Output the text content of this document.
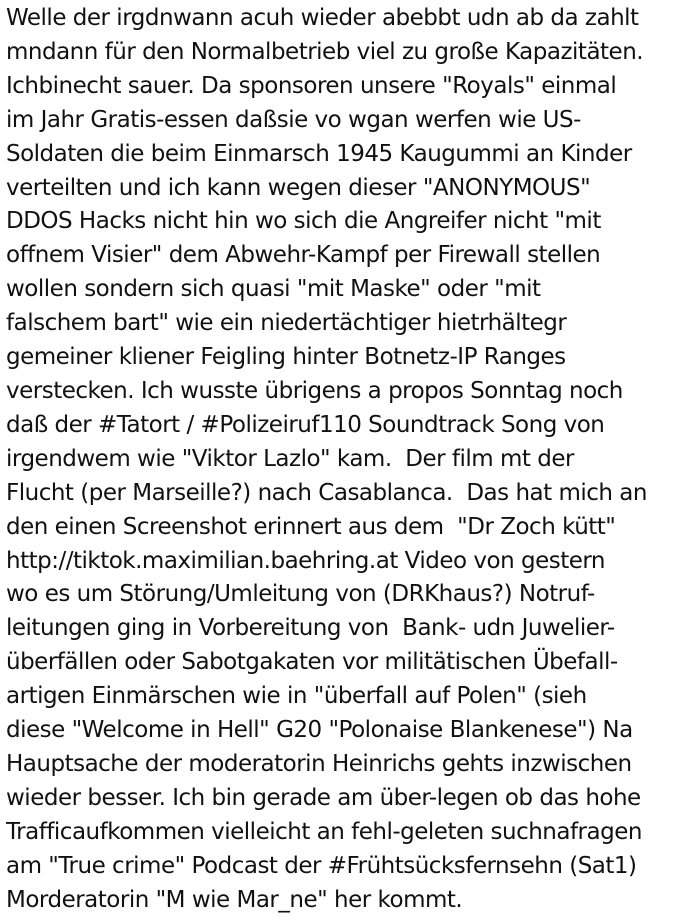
Welle der irgdnwann acuh wieder abebbt udn ab da zahlt
mndann für den Normalbetrieb viel zu große Kapazitäten.
Ichbinecht sauer. Da sponsoren unsere "Royals" einmal
im Jahr Gratis-essen daßsie vo wgan werfen wie US-
Soldaten die beim Einmarsch 1945 Kaugummi an Kinder
verteilten und ich kann wegen dieser "ANONYMOUS"
DDOS Hacks nicht hin wo sich die Angreifer nicht "mit
offnem Visier" dem Abwehr-Kampf per Firewall stellen
wollen sondern sich quasi "mit Maske" oder "mit
falschem bart" wie ein niedertächtiger hietrhältegr
gemeiner kliener Feigling hinter Botnetz-IP Ranges
verstecken. Ich wusste übrigens a propos Sonntag noch
daß der #Tatort / #Polizeiruf110 Soundtrack Song von
irgendwem wie "Viktor Lazlo" kam.  Der film mt der
Flucht (per Marseille?) nach Casablanca.  Das hat mich an
den einen Screenshot erinnert aus dem  "Dr Zoch kütt"
http://tiktok.maximilian.baehring.at Video von gestern
wo es um Störung/Umleitung von (DRKhaus?) Notruf-
leitungen ging in Vorbereitung von  Bank- udn Juwelier-
überfällen oder Sabotgakaten vor militätischen Übefall-
artigen Einmärschen wie in "überfall auf Polen" (sieh
diese "Welcome in Hell" G20 "Polonaise Blankenese") Na
Hauptsache der moderatorin Heinrichs gehts inzwischen
wieder besser. Ich bin gerade am über-legen ob das hohe
Trafficaufkommen vielleicht an fehl-geleten suchnafragen
am "True crime" Podcast der #Frühtsücksfernsehn (Sat1)
Morderatorin "M wie Mar_ne" her kommt.
